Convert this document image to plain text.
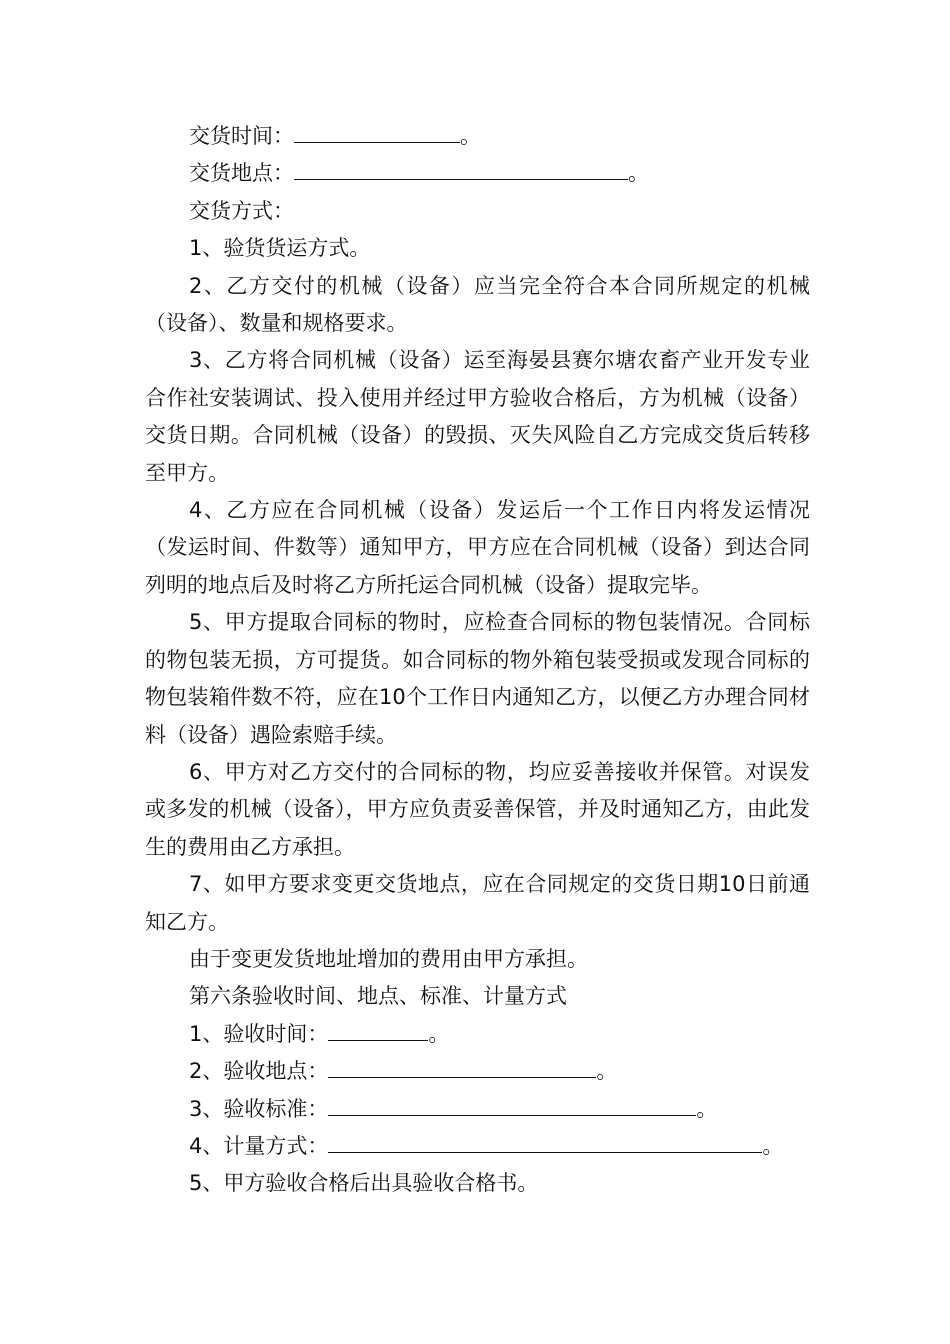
交货时间：	。

交货地点：	。

交货方式：

1、验货货运方式。

2、乙方交付的机械（设备）应当完全符合本合同所规定的机械（设备）、数量和规格要求。

3、乙方将合同机械（设备）运至海晏县赛尔塘农畜产业开发专业合作社安装调试、投入使用并经过甲方验收合格后，方为机械（设备）交货日期。合同机械（设备）的毁损、灭失风险自乙方完成交货后转移至甲方。

4、乙方应在合同机械（设备）发运后一个工作日内将发运情况（发运时间、件数等）通知甲方，甲方应在合同机械（设备）到达合同列明的地点后及时将乙方所托运合同机械（设备）提取完毕。

5、甲方提取合同标的物时，应检查合同标的物包装情况。合同标的物包装无损，方可提货。如合同标的物外箱包装受损或发现合同标的物包装箱件数不符，应在10个工作日内通知乙方，以便乙方办理合同材料（设备）遇险索赔手续。

6、甲方对乙方交付的合同标的物，均应妥善接收并保管。对误发或多发的机械（设备），甲方应负责妥善保管，并及时通知乙方，由此发生的费用由乙方承担。

7、如甲方要求变更交货地点，应在合同规定的交货日期10日前通知乙方。

由于变更发货地址增加的费用由甲方承担。

第六条验收时间、地点、标准、计量方式

1、验收时间：	。

2、验收地点：	。

3、验收标准：	。

4、计量方式：	。

5、甲方验收合格后出具验收合格书。
